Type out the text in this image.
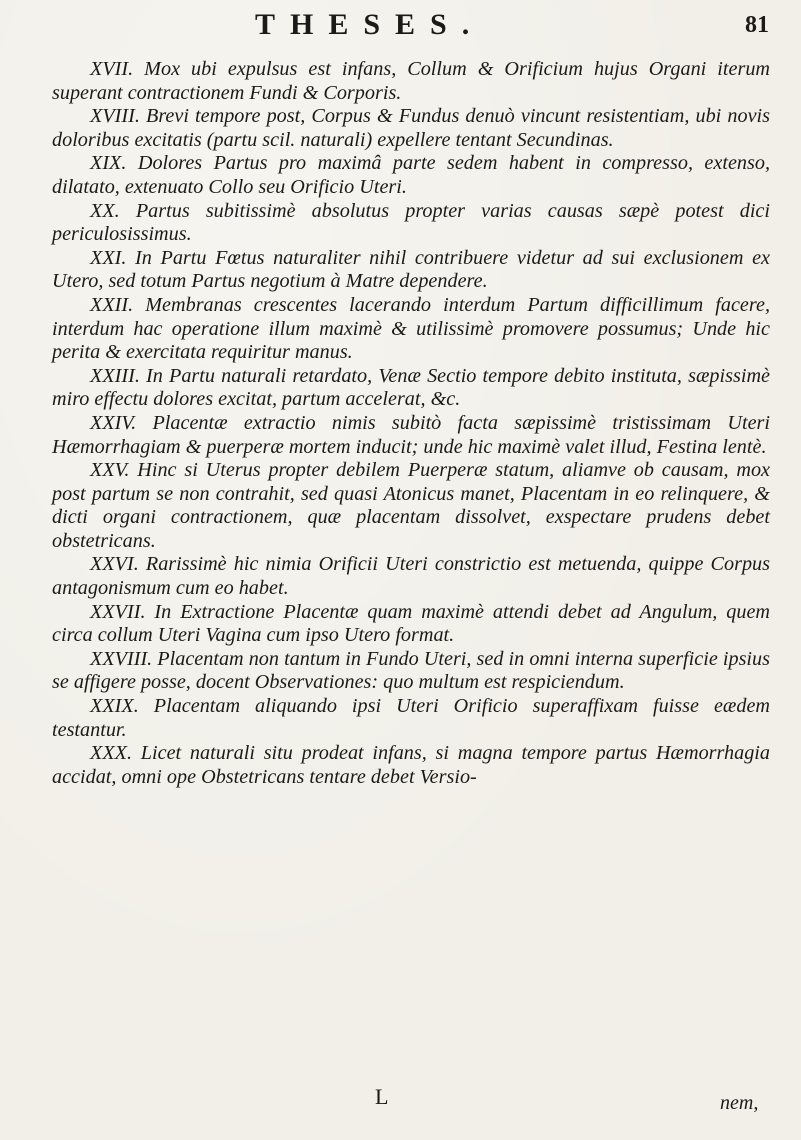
THESES.	81

XVII. Mox ubi expulsus est infans, Collum & Orificium hujus Organi iterum superant contractionem Fundi & Corporis.

XVIII. Brevi tempore post, Corpus & Fundus denuò vincunt resistentiam, ubi novis doloribus excitatis (partu scil. naturali) expellere tentant Secundinas.

XIX. Dolores Partus pro maximâ parte sedem habent in compresso, extenso, dilatato, extenuato Collo seu Orificio Uteri.

XX. Partus subitissimè absolutus propter varias causas sæpè potest dici periculosissimus.

XXI. In Partu Fœtus naturaliter nihil contribuere videtur ad sui exclusionem ex Utero, sed totum Partus negotium à Matre dependere.

XXII. Membranas crescentes lacerando interdum Partum difficillimum facere, interdum hac operatione illum maximè & utilissimè promovere possumus; Unde hic perita & exercitata requiritur manus.

XXIII. In Partu naturali retardato, Venæ Sectio tempore debito instituta, sæpissimè miro effectu dolores excitat, partum accelerat, &c.

XXIV. Placentæ extractio nimis subitò facta sæpissimè tristissimam Uteri Hæmorrhagiam & puerperæ mortem inducit; unde hic maximè valet illud, Festina lentè.

XXV. Hinc si Uterus propter debilem Puerperæ statum, aliamve ob causam, mox post partum se non contrahit, sed quasi Atonicus manet, Placentam in eo relinquere, & dicti organi contractionem, quæ placentam dissolvet, exspectare prudens debet obstetricans.

XXVI. Rarissimè hic nimia Orificii Uteri constrictio est metuenda, quippe Corpus antagonismum cum eo habet.

XXVII. In Extractione Placentæ quam maximè attendi debet ad Angulum, quem circa collum Uteri Vagina cum ipso Utero format.

XXVIII. Placentam non tantum in Fundo Uteri, sed in omni interna superficie ipsius se affigere posse, docent Observationes: quo multum est respiciendum.

XXIX. Placentam aliquando ipsi Uteri Orificio superaffixam fuisse eædem testantur.

XXX. Licet naturali situ prodeat infans, si magna tempore partus Hæmorrhagia accidat, omni ope Obstetricans tentare debet Versio-

L	nem,
